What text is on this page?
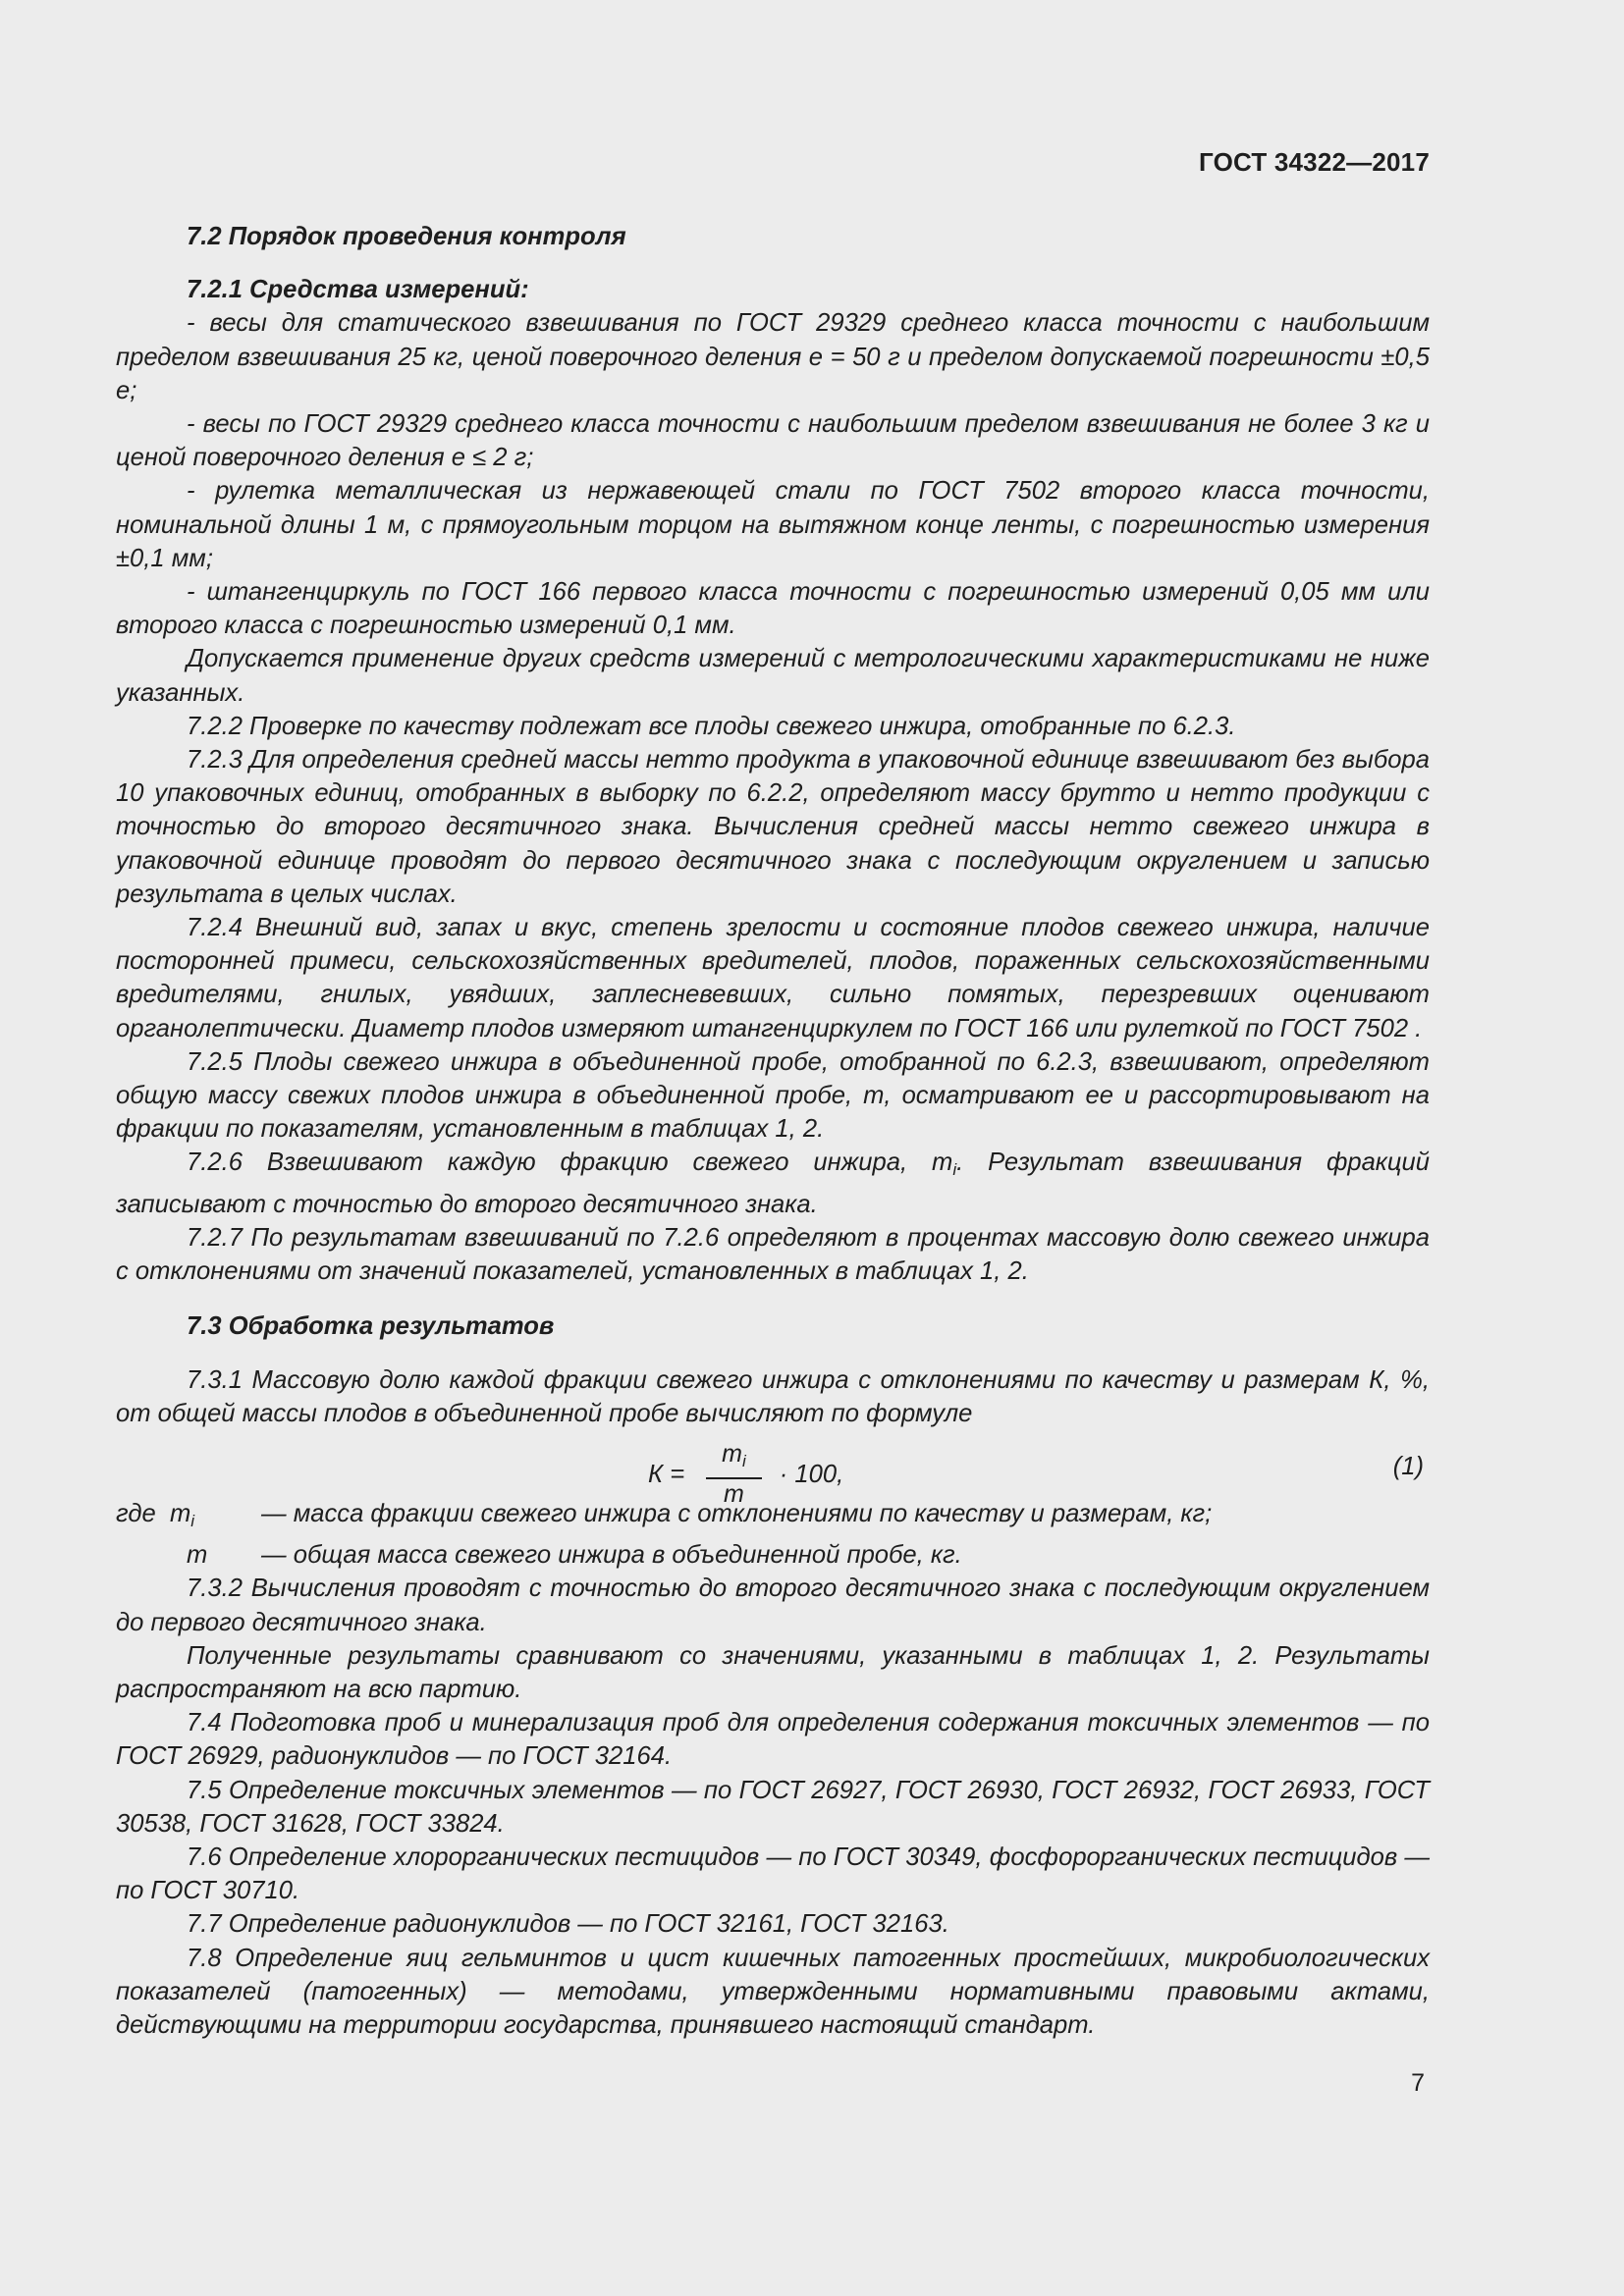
ГОСТ 34322—2017
7.2 Порядок проведения контроля
7.2.1 Средства измерений:

- весы для статического взвешивания по ГОСТ 29329 среднего класса точности с наибольшим пределом взвешивания 25 кг, ценой поверочного деления e = 50 г и пределом допускаемой погрешности ±0,5 e;

- весы по ГОСТ 29329 среднего класса точности с наибольшим пределом взвешивания не более 3 кг и ценой поверочного деления e ≤ 2 г;

- рулетка металлическая из нержавеющей стали по ГОСТ 7502 второго класса точности, номинальной длины 1 м, с прямоугольным торцом на вытяжном конце ленты, с погрешностью измерения ±0,1 мм;

- штангенциркуль по ГОСТ 166 первого класса точности с погрешностью измерений 0,05 мм или второго класса с погрешностью измерений 0,1 мм.

Допускается применение других средств измерений с метрологическими характеристиками не ниже указанных.

7.2.2 Проверке по качеству подлежат все плоды свежего инжира, отобранные по 6.2.3.

7.2.3 Для определения средней массы нетто продукта в упаковочной единице взвешивают без выбора 10 упаковочных единиц, отобранных в выборку по 6.2.2, определяют массу брутто и нетто продукции с точностью до второго десятичного знака. Вычисления средней массы нетто свежего инжира в упаковочной единице проводят до первого десятичного знака с последующим округлением и записью результата в целых числах.

7.2.4 Внешний вид, запах и вкус, степень зрелости и состояние плодов свежего инжира, наличие посторонней примеси, сельскохозяйственных вредителей, плодов, пораженных сельскохозяйственными вредителями, гнилых, увядших, заплесневевших, сильно помятых, перезревших оценивают органолептически. Диаметр плодов измеряют штангенциркулем по ГОСТ 166 или рулеткой по ГОСТ 7502 .

7.2.5 Плоды свежего инжира в объединенной пробе, отобранной по 6.2.3, взвешивают, определяют общую массу свежих плодов инжира в объединенной пробе, m, осматривают ее и рассортировывают на фракции по показателям, установленным в таблицах 1, 2.

7.2.6 Взвешивают каждую фракцию свежего инжира, $m_i$. Результат взвешивания фракций записывают с точностью до второго десятичного знака.

7.2.7 По результатам взвешиваний по 7.2.6 определяют в процентах массовую долю свежего инжира с отклонениями от значений показателей, установленных в таблицах 1, 2.

7.3 Обработка результатов

7.3.1 Массовую долю каждой фракции свежего инжира с отклонениями по качеству и размерам К, %, от общей массы плодов в объединенной пробе вычисляют по формуле

$К = \frac{m_i}{m} \cdot 100$,	(1)
где $m_i$	— масса фракции свежего инжира с отклонениями по качеству и размерам, кг;
m	— общая масса свежего инжира в объединенной пробе, кг.

7.3.2 Вычисления проводят с точностью до второго десятичного знака с последующим округлением до первого десятичного знака.

Полученные результаты сравнивают со значениями, указанными в таблицах 1, 2. Результаты распространяют на всю партию.

7.4 Подготовка проб и минерализация проб для определения содержания токсичных элементов — по ГОСТ 26929, радионуклидов — по ГОСТ 32164.

7.5 Определение токсичных элементов — по ГОСТ 26927, ГОСТ 26930, ГОСТ 26932, ГОСТ 26933, ГОСТ 30538, ГОСТ 31628, ГОСТ 33824.

7.6 Определение хлорорганических пестицидов — по ГОСТ 30349, фосфорорганических пестицидов — по ГОСТ 30710.

7.7 Определение радионуклидов — по ГОСТ 32161, ГОСТ 32163.

7.8 Определение яиц гельминтов и цист кишечных патогенных простейших, микробиологических показателей (патогенных) — методами, утвержденными нормативными правовыми актами, действующими на территории государства, принявшего настоящий стандарт.

7
